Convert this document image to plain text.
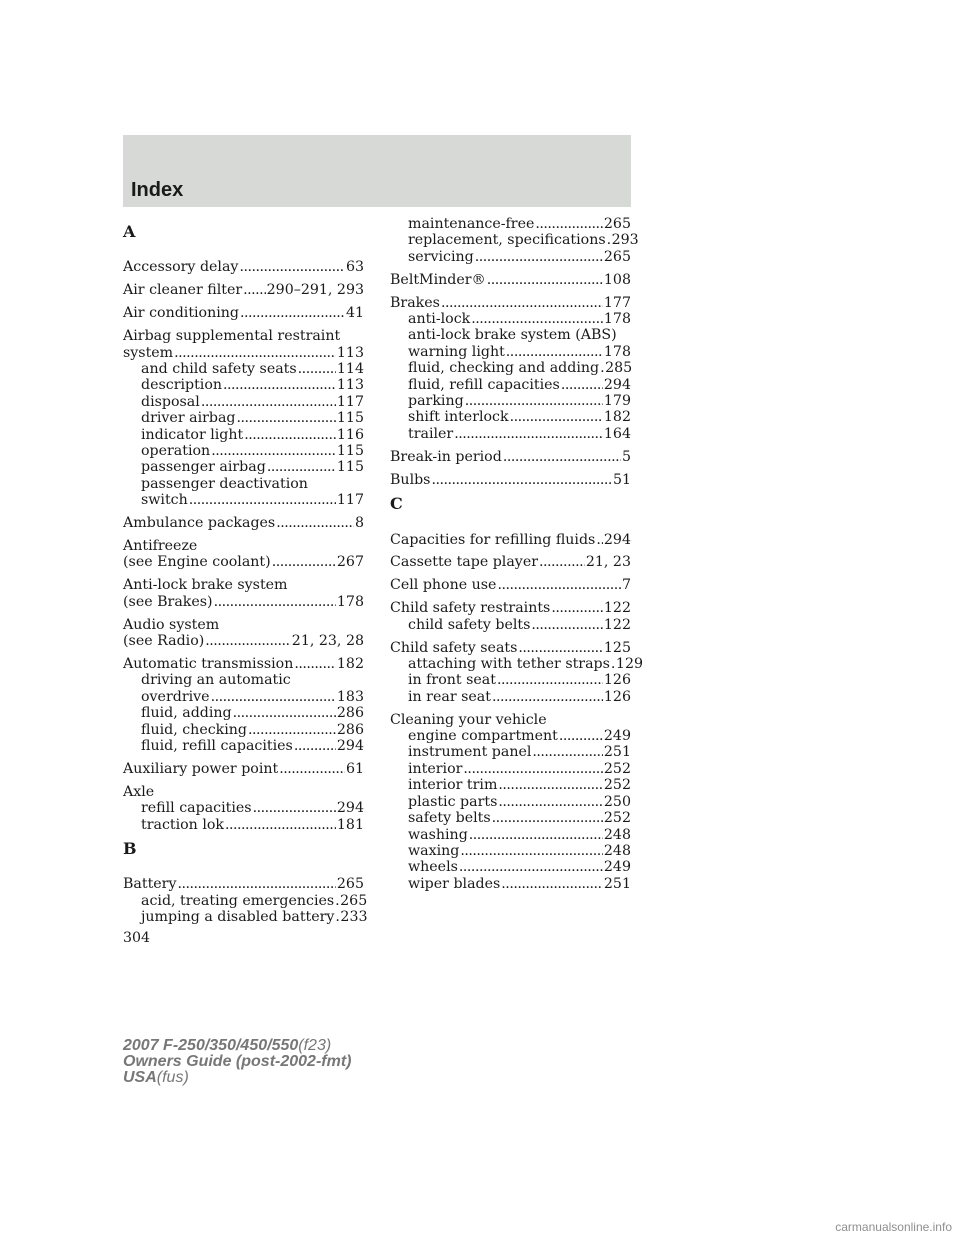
Index
A
Accessory delay .....	63
Air cleaner filter ..... 290–291, 293
Air conditioning .....	41
Airbag supplemental restraint
system .....	113
and child safety seats .....	114
description .....	113
disposal .....	117
driver airbag .....	115
indicator light .....	116
operation .....	115
passenger airbag .....	115
passenger deactivation
switch .....	117
Ambulance packages .....	8
Antifreeze
(see Engine coolant) .....	267
Anti-lock brake system
(see Brakes) .....	178
Audio system
(see Radio) .....	21, 23, 28
Automatic transmission .....	182
driving an automatic
overdrive .....	183
fluid, adding .....	286
fluid, checking .....	286
fluid, refill capacities .....	294
Auxiliary power point .....	61
Axle
refill capacities .....	294
traction lok .....	181
B
Battery .....	265
acid, treating emergencies ..... 265
jumping a disabled battery ..... 233
maintenance-free .....	265
replacement, specifications ..... 293
servicing .....	265
BeltMinder® .....	108
Brakes .....	177
anti-lock .....	178
anti-lock brake system (ABS)
warning light .....	178
fluid, checking and adding ..... 285
fluid, refill capacities .....	294
parking .....	179
shift interlock .....	182
trailer .....	164
Break-in period .....	5
Bulbs .....	51
C
Capacities for refilling fluids ..... 294
Cassette tape player .....	21, 23
Cell phone use .....	7
Child safety restraints .....	122
child safety belts .....	122
Child safety seats .....	125
attaching with tether straps ..... 129
in front seat .....	126
in rear seat .....	126
Cleaning your vehicle
engine compartment .....	249
instrument panel .....	251
interior .....	252
interior trim .....	252
plastic parts .....	250
safety belts .....	252
washing .....	248
waxing .....	248
wheels .....	249
wiper blades .....	251
304
2007 F-250/350/450/550(f23)
Owners Guide (post-2002-fmt)
USA(fus)
carmanualsonline.info
